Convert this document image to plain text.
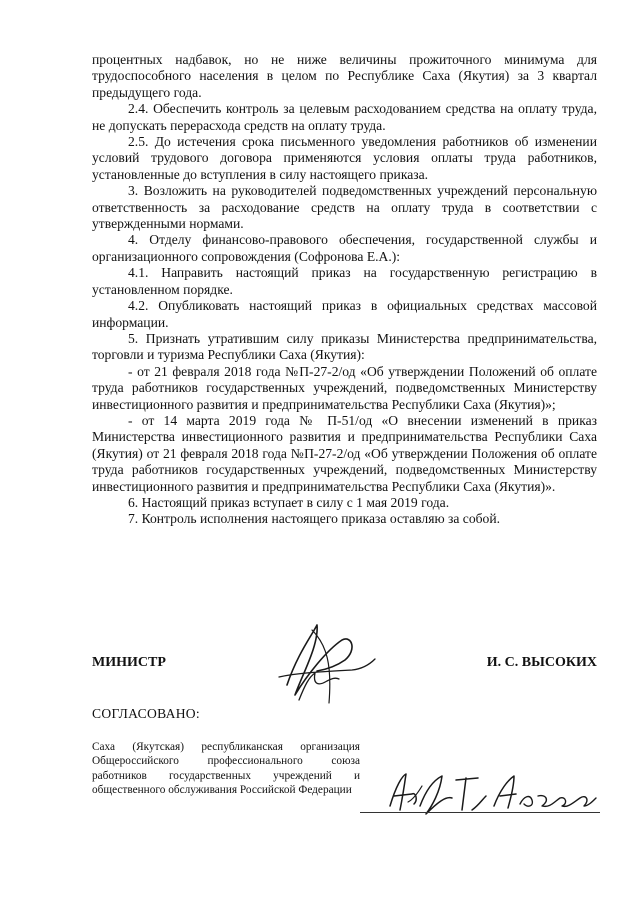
процентных надбавок, но не ниже величины прожиточного минимума для трудоспособного населения в целом по Республике Саха (Якутия) за 3 квартал предыдущего года.

2.4. Обеспечить контроль за целевым расходованием средства на оплату труда, не допускать перерасхода средств на оплату труда.

2.5. До истечения срока письменного уведомления работников об изменении условий трудового договора применяются условия оплаты труда работников, установленные до вступления в силу настоящего приказа.

3. Возложить на руководителей подведомственных учреждений персональную ответственность за расходование средств на оплату труда в соответствии с утвержденными нормами.

4. Отделу финансово-правового обеспечения, государственной службы и организационного сопровождения (Софронова Е.А.):

4.1. Направить настоящий приказ на государственную регистрацию в установленном порядке.

4.2. Опубликовать настоящий приказ в официальных средствах массовой информации.

5. Признать утратившим силу приказы Министерства предпринимательства, торговли и туризма Республики Саха (Якутия):

- от 21 февраля 2018 года №П-27-2/од «Об утверждении Положений об оплате труда работников государственных учреждений, подведомственных Министерству инвестиционного развития и предпринимательства Республики Саха (Якутия)»;

- от 14 марта 2019 года № П-51/од «О внесении изменений в приказ Министерства инвестиционного развития и предпринимательства Республики Саха (Якутия) от 21 февраля 2018 года №П-27-2/од «Об утверждении Положения об оплате труда работников государственных учреждений, подведомственных Министерству инвестиционного развития и предпринимательства Республики Саха (Якутия)».

6. Настоящий приказ вступает в силу с 1 мая 2019 года.

7. Контроль исполнения настоящего приказа оставляю за собой.

МИНИСТР	И. С. ВЫСОКИХ
СОГЛАСОВАНО:
Саха (Якутская) республиканская организация Общероссийского профессионального союза работников государственных учреждений и общественного обслуживания Российской Федерации
